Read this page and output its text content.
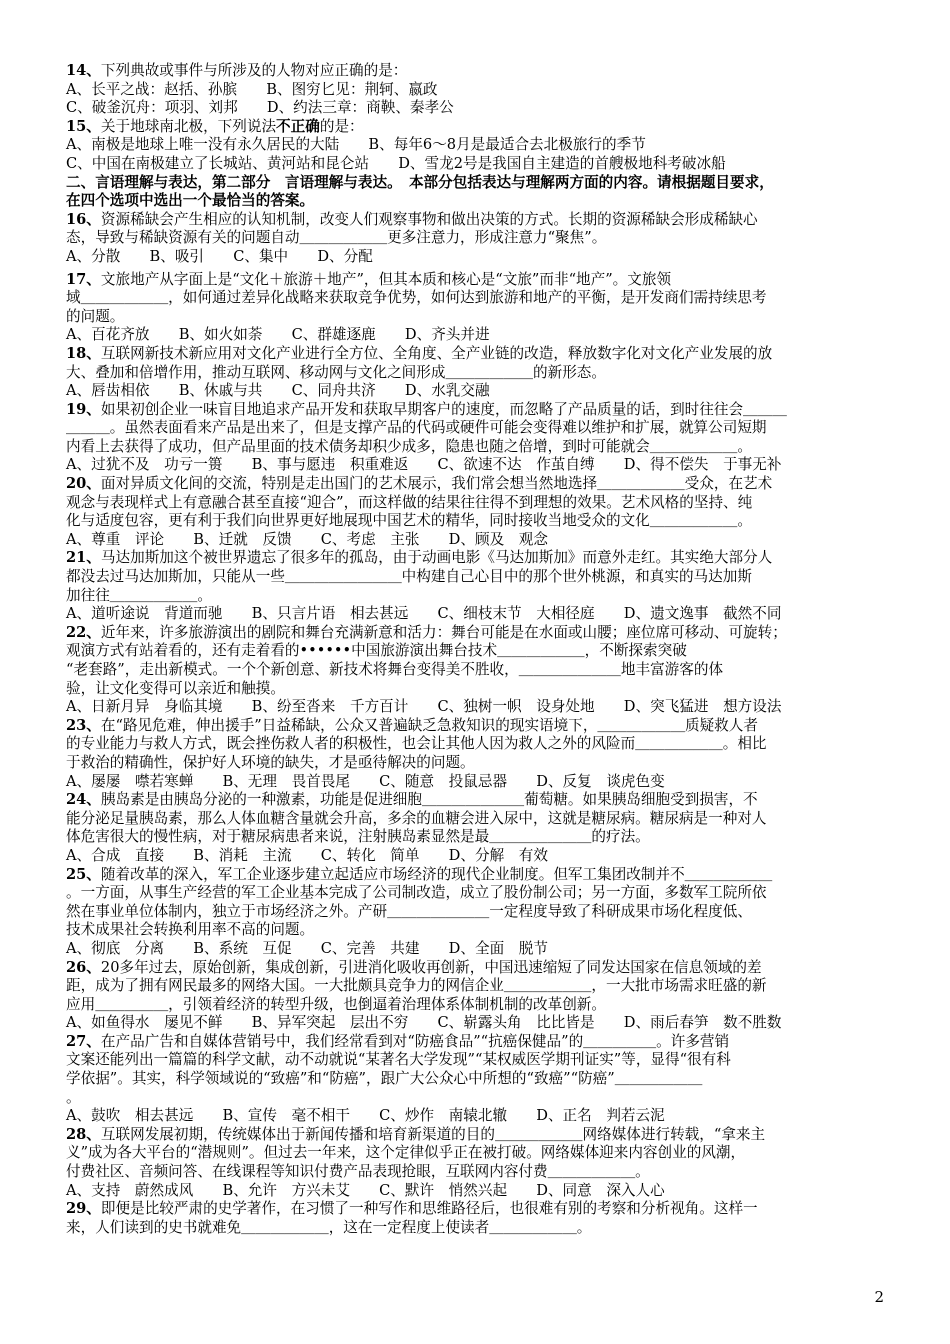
14、下列典故或事件与所涉及的人物对应正确的是：
A、长平之战：赵括、孙膑　　B、图穷匕见：荆轲、嬴政
C、破釜沉舟：项羽、刘邦　　D、约法三章：商鞅、秦孝公
15、关于地球南北极，下列说法不正确的是：
A、南极是地球上唯一没有永久居民的大陆　　B、每年6～8月是最适合去北极旅行的季节
C、中国在南极建立了长城站、黄河站和昆仑站　　D、雪龙2号是我国自主建造的首艘极地科考破冰船
二、言语理解与表达，第二部分　言语理解与表达。　本部分包括表达与理解两方面的内容。请根据题目要求，
在四个选项中选出一个最恰当的答案。
16、资源稀缺会产生相应的认知机制，改变人们观察事物和做出决策的方式。长期的资源稀缺会形成稀缺心
态，导致与稀缺资源有关的问题自动＿＿＿＿＿＿更多注意力，形成注意力“聚焦”。
A、分散　　B、吸引　　C、集中　　D、分配
17、文旅地产从字面上是“文化＋旅游＋地产”，但其本质和核心是“文旅”而非“地产”。文旅领
域＿＿＿＿＿＿，如何通过差异化战略来获取竞争优势，如何达到旅游和地产的平衡，是开发商们需持续思考
的问题。
A、百花齐放　　B、如火如荼　　C、群雄逐鹿　　D、齐头并进
18、互联网新技术新应用对文化产业进行全方位、全角度、全产业链的改造，释放数字化对文化产业发展的放
大、叠加和倍增作用，推动互联网、移动网与文化之间形成＿＿＿＿＿＿的新形态。
A、唇齿相依　　B、休戚与共　　C、同舟共济　　D、水乳交融
19、如果初创企业一味盲目地追求产品开发和获取早期客户的速度，而忽略了产品质量的话，到时往往会＿＿＿
＿＿＿。虽然表面看来产品是出来了，但是支撑产品的代码或硬件可能会变得难以维护和扩展，就算公司短期
内看上去获得了成功，但产品里面的技术债务却积少成多，隐患也随之倍增，到时可能就会＿＿＿＿＿＿。
A、过犹不及　功亏一篑　　B、事与愿违　积重难返　　C、欲速不达　作茧自缚　　D、得不偿失　于事无补
20、面对异质文化间的交流，特别是走出国门的艺术展示，我们常会想当然地选择＿＿＿＿＿＿受众，在艺术
观念与表现样式上有意融合甚至直接“迎合”，而这样做的结果往往得不到理想的效果。艺术风格的坚持、纯
化与适度包容，更有利于我们向世界更好地展现中国艺术的精华，同时接收当地受众的文化＿＿＿＿＿＿。
A、尊重　评论　　B、迁就　反馈　　C、考虑　主张　　D、顾及　观念
21、马达加斯加这个被世界遗忘了很多年的孤岛，由于动画电影《马达加斯加》而意外走红。其实绝大部分人
都没去过马达加斯加，只能从一些＿＿＿＿＿＿＿＿中构建自己心目中的那个世外桃源，和真实的马达加斯
加往往＿＿＿＿＿＿。
A、道听途说　背道而驰　　B、只言片语　相去甚远　　C、细枝末节　大相径庭　　D、遗文逸事　截然不同
22、近年来，许多旅游演出的剧院和舞台充满新意和活力：舞台可能是在水面或山腰；座位席可移动、可旋转；
观演方式有站着看的，还有走着看的••••••中国旅游演出舞台技术＿＿＿＿＿＿，不断探索突破
“老套路”，走出新模式。一个个新创意、新技术将舞台变得美不胜收，＿＿＿＿＿＿＿地丰富游客的体
验，让文化变得可以亲近和触摸。
A、日新月异　身临其境　　B、纷至沓来　千方百计　　C、独树一帜　设身处地　　D、突飞猛进　想方设法
23、在“路见危难，伸出援手”日益稀缺，公众又普遍缺乏急救知识的现实语境下，＿＿＿＿＿＿质疑救人者
的专业能力与救人方式，既会挫伤救人者的积极性，也会让其他人因为救人之外的风险而＿＿＿＿＿＿。相比
于救治的精确性，保护好人环境的缺失，才是亟待解决的问题。
A、屡屡　噤若寒蝉　　B、无理　畏首畏尾　　C、随意　投鼠忌器　　D、反复　谈虎色变
24、胰岛素是由胰岛分泌的一种激素，功能是促进细胞＿＿＿＿＿＿＿葡萄糖。如果胰岛细胞受到损害，不
能分泌足量胰岛素，那么人体血糖含量就会升高，多余的血糖会进入尿中，这就是糖尿病。糖尿病是一种对人
体危害很大的慢性病，对于糖尿病患者来说，注射胰岛素显然是最＿＿＿＿＿＿＿的疗法。
A、合成　直接　　B、消耗　主流　　C、转化　简单　　D、分解　有效
25、随着改革的深入，军工企业逐步建立起适应市场经济的现代企业制度。但军工集团改制并不＿＿＿＿＿＿
。一方面，从事生产经营的军工企业基本完成了公司制改造，成立了股份制公司；另一方面，多数军工院所依
然在事业单位体制内，独立于市场经济之外。产研＿＿＿＿＿＿＿一定程度导致了科研成果市场化程度低、
技术成果社会转换利用率不高的问题。
A、彻底　分离　　B、系统　互促　　C、完善　共建　　D、全面　脱节
26、20多年过去，原始创新，集成创新，引进消化吸收再创新，中国迅速缩短了同发达国家在信息领域的差
距，成为了拥有网民最多的网络大国。一大批颇具竞争力的网信企业＿＿＿＿＿＿，一大批市场需求旺盛的新
应用＿＿＿＿＿，引领着经济的转型升级，也倒逼着治理体系体制机制的改革创新。
A、如鱼得水　屡见不鲜　　B、异军突起　层出不穷　　C、崭露头角　比比皆是　　D、雨后春笋　数不胜数
27、在产品广告和自媒体营销号中，我们经常看到对“防癌食品”“抗癌保健品”的＿＿＿＿＿。许多营销
文案还能列出一篇篇的科学文献，动不动就说“某著名大学发现”“某权威医学期刊证实”等，显得“很有科
学依据”。其实，科学领域说的“致癌”和“防癌”，跟广大公众心中所想的“致癌”“防癌”＿＿＿＿＿＿
。
A、鼓吹　相去甚远　　B、宣传　毫不相干　　C、炒作　南辕北辙　　D、正名　判若云泥
28、互联网发展初期，传统媒体出于新闻传播和培育新渠道的目的＿＿＿＿＿＿网络媒体进行转载，“拿来主
义”成为各大平台的“潜规则”。但过去一年来，这个定律似乎正在被打破。网络媒体迎来内容创业的风潮，
付费社区、音频问答、在线课程等知识付费产品表现抢眼，互联网内容付费＿＿＿＿＿＿。
A、支持　蔚然成风　　B、允许　方兴未艾　　C、默许　悄然兴起　　D、同意　深入人心
29、即便是比较严肃的史学著作，在习惯了一种写作和思维路径后，也很难有别的考察和分析视角。这样一
来，人们读到的史书就难免＿＿＿＿＿＿，这在一定程度上使读者＿＿＿＿＿＿。
2
